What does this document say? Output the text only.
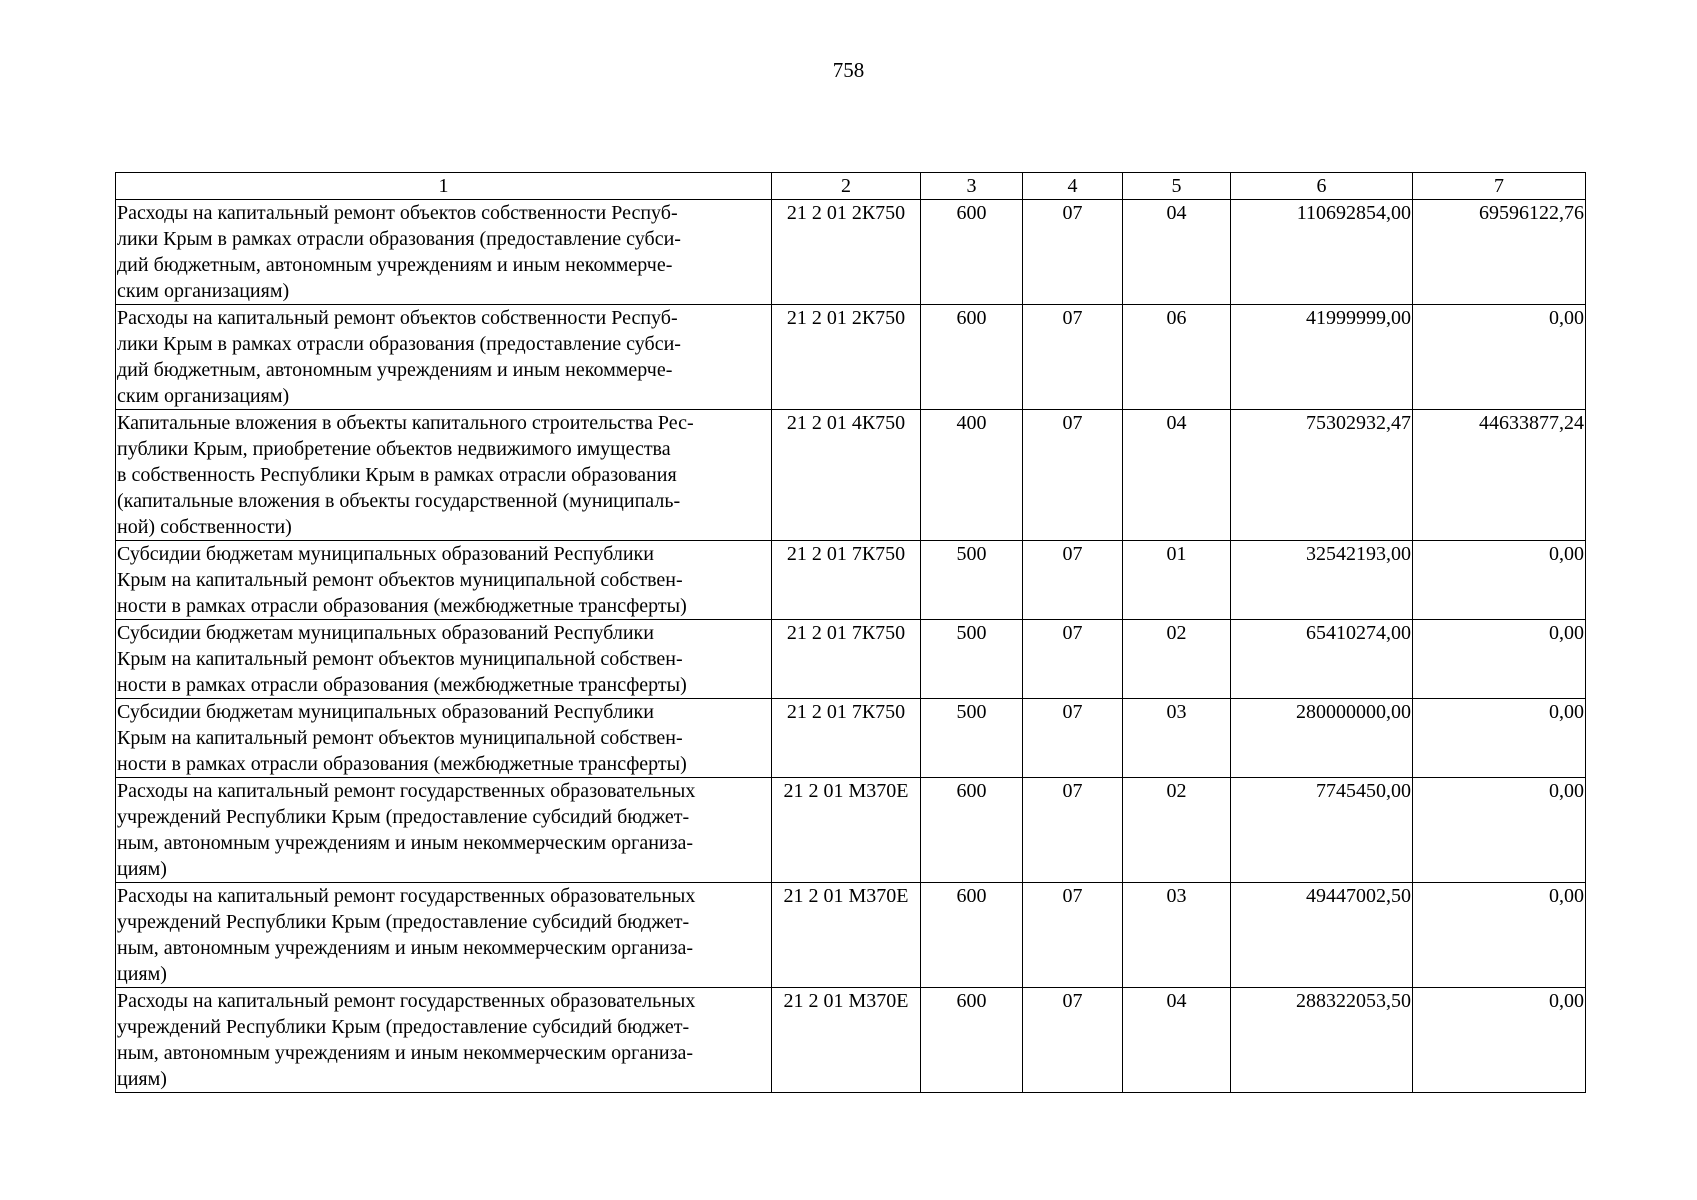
758
1	2	3	4	5	6	7
Расходы на капитальный ремонт объектов собственности Респуб-
лики Крым в рамках отрасли образования (предоставление субси-
дий бюджетным, автономным учреждениям и иным некоммерче-
ским организациям)	21 2 01 2К750	600	07	04	110692854,00	69596122,76
Расходы на капитальный ремонт объектов собственности Респуб-
лики Крым в рамках отрасли образования (предоставление субси-
дий бюджетным, автономным учреждениям и иным некоммерче-
ским организациям)	21 2 01 2К750	600	07	06	41999999,00	0,00
Капитальные вложения в объекты капитального строительства Рес-
публики Крым, приобретение объектов недвижимого имущества
в собственность Республики Крым в рамках отрасли образования
(капитальные вложения в объекты государственной (муниципаль-
ной) собственности)	21 2 01 4К750	400	07	04	75302932,47	44633877,24
Субсидии бюджетам муниципальных образований Республики
Крым на капитальный ремонт объектов муниципальной собствен-
ности в рамках отрасли образования (межбюджетные трансферты)	21 2 01 7К750	500	07	01	32542193,00	0,00
Субсидии бюджетам муниципальных образований Республики
Крым на капитальный ремонт объектов муниципальной собствен-
ности в рамках отрасли образования (межбюджетные трансферты)	21 2 01 7К750	500	07	02	65410274,00	0,00
Субсидии бюджетам муниципальных образований Республики
Крым на капитальный ремонт объектов муниципальной собствен-
ности в рамках отрасли образования (межбюджетные трансферты)	21 2 01 7К750	500	07	03	280000000,00	0,00
Расходы на капитальный ремонт государственных образовательных
учреждений Республики Крым (предоставление субсидий бюджет-
ным, автономным учреждениям и иным некоммерческим организа-
циям)	21 2 01 М370Е	600	07	02	7745450,00	0,00
Расходы на капитальный ремонт государственных образовательных
учреждений Республики Крым (предоставление субсидий бюджет-
ным, автономным учреждениям и иным некоммерческим организа-
циям)	21 2 01 М370Е	600	07	03	49447002,50	0,00
Расходы на капитальный ремонт государственных образовательных
учреждений Республики Крым (предоставление субсидий бюджет-
ным, автономным учреждениям и иным некоммерческим организа-
циям)	21 2 01 М370Е	600	07	04	288322053,50	0,00
